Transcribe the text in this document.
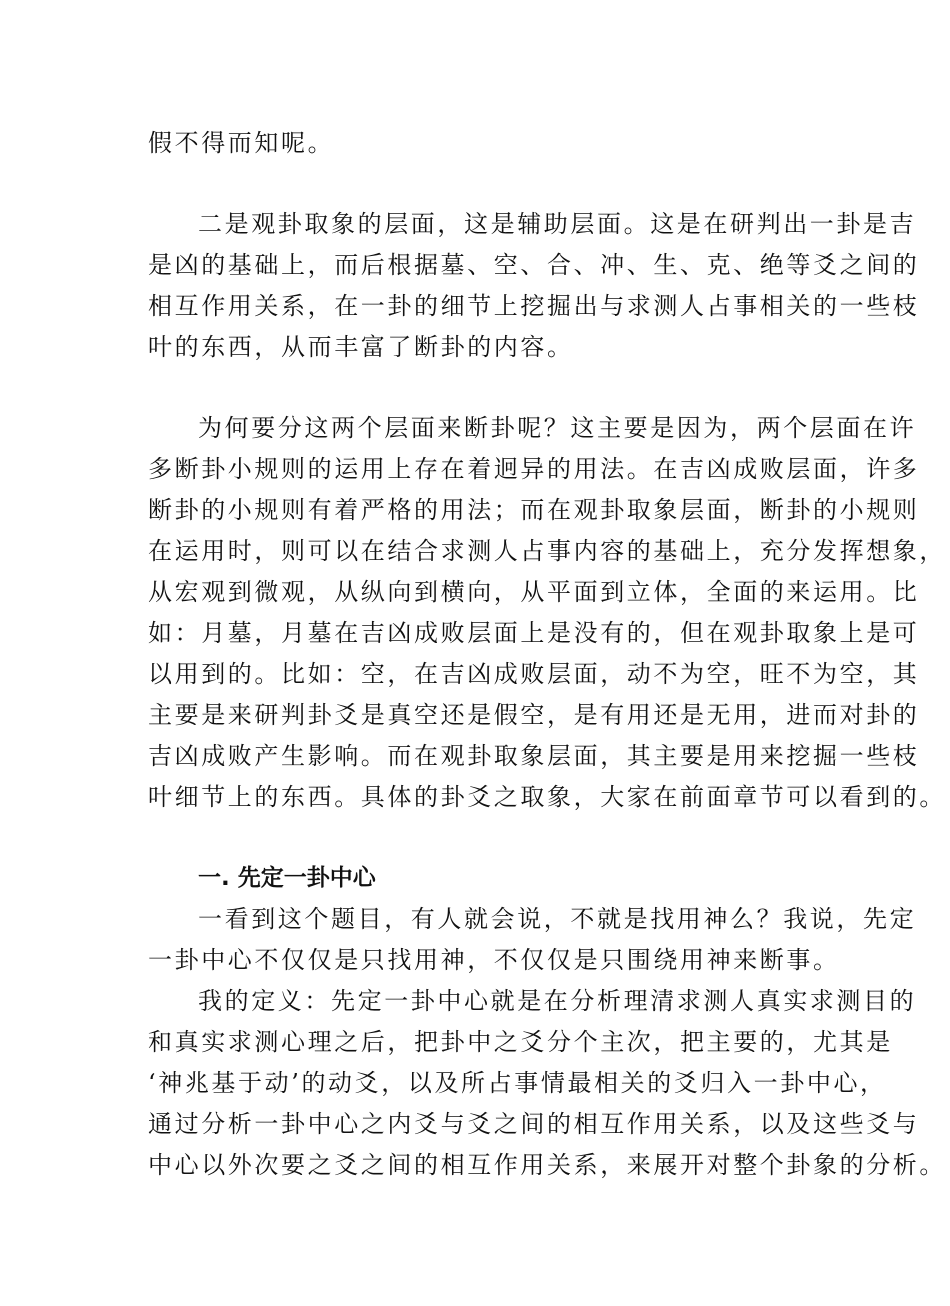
假不得而知呢。

二是观卦取象的层面，这是辅助层面。这是在研判出一卦是吉

是凶的基础上，而后根据墓、空、合、冲、生、克、绝等爻之间的

相互作用关系，在一卦的细节上挖掘出与求测人占事相关的一些枝

叶的东西，从而丰富了断卦的内容。

为何要分这两个层面来断卦呢？这主要是因为，两个层面在许

多断卦小规则的运用上存在着迥异的用法。在吉凶成败层面，许多

断卦的小规则有着严格的用法；而在观卦取象层面，断卦的小规则

在运用时，则可以在结合求测人占事内容的基础上，充分发挥想象，

从宏观到微观，从纵向到横向，从平面到立体，全面的来运用。比

如：月墓，月墓在吉凶成败层面上是没有的，但在观卦取象上是可

以用到的。比如：空，在吉凶成败层面，动不为空，旺不为空，其

主要是来研判卦爻是真空还是假空，是有用还是无用，进而对卦的

吉凶成败产生影响。而在观卦取象层面，其主要是用来挖掘一些枝

叶细节上的东西。具体的卦爻之取象，大家在前面章节可以看到的。

一. 先定一卦中心

一看到这个题目，有人就会说，不就是找用神么？我说，先定

一卦中心不仅仅是只找用神，不仅仅是只围绕用神来断事。

我的定义：先定一卦中心就是在分析理清求测人真实求测目的

和真实求测心理之后，把卦中之爻分个主次，把主要的，尤其是

‘神兆基于动’的动爻，以及所占事情最相关的爻归入一卦中心，

通过分析一卦中心之内爻与爻之间的相互作用关系，以及这些爻与

中心以外次要之爻之间的相互作用关系，来展开对整个卦象的分析。
